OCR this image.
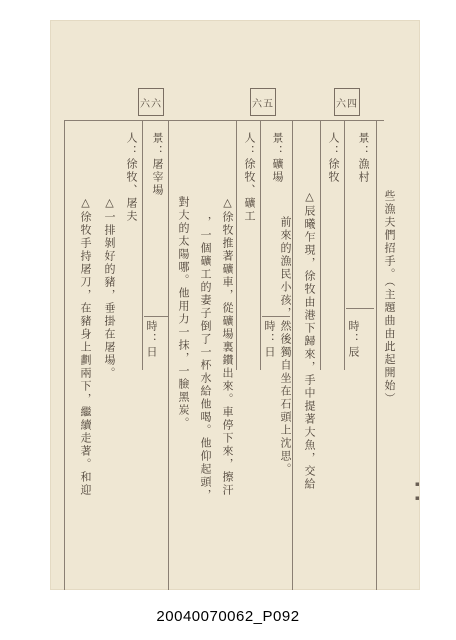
六四
六五
六六
景：漁村
人：徐牧
時：辰 些漁夫們招手。（主題曲由此起開始）
△辰曦乍現，徐牧由港下歸來，手中提著大魚，交給
景：礦場
人：徐牧、礦工
時：日
△徐牧推著礦車，從礦場裏鑽出來。車停下來，擦汗
，一個礦工的妻子倒了一杯水給他喝。他仰起頭，
對大的太陽哪。他用力一抹，一臉黑炭。
景：屠宰場
人：徐牧、屠夫
時：日
△一排剝好的豬，垂掛在屠場。
△徐牧手持屠刀，在豬身上劃兩下，繼續走著。和迎	▪
▪
前來的漁民小孩，然後獨自坐在石頭上沈思。
20040070062_P092
